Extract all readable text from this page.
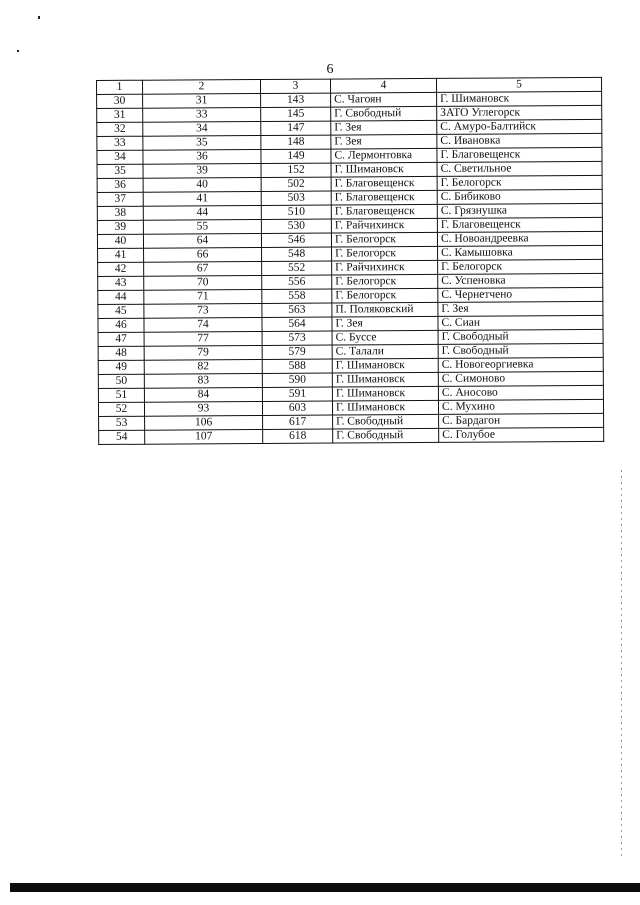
6
1	2	3	4	5
30	31	143	С. Чагоян	Г. Шимановск
31	33	145	Г. Свободный	ЗАТО Углегорск
32	34	147	Г. Зея	С. Амуро-Балтийск
33	35	148	Г. Зея	С. Ивановка
34	36	149	С. Лермонтовка	Г. Благовещенск
35	39	152	Г. Шимановск	С. Светильное
36	40	502	Г. Благовещенск	Г. Белогорск
37	41	503	Г. Благовещенск	С. Бибиково
38	44	510	Г. Благовещенск	С. Грязнушка
39	55	530	Г. Райчихинск	Г. Благовещенск
40	64	546	Г. Белогорск	С. Новоандреевка
41	66	548	Г. Белогорск	С. Камышовка
42	67	552	Г. Райчихинск	Г. Белогорск
43	70	556	Г. Белогорск	С. Успеновка
44	71	558	Г. Белогорск	С. Чернетчено
45	73	563	П. Поляковский	Г. Зея
46	74	564	Г. Зея	С. Сиан
47	77	573	С. Буссе	Г. Свободный
48	79	579	С. Талали	Г. Свободный
49	82	588	Г. Шимановск	С. Новогеоргиевка
50	83	590	Г. Шимановск	С. Симоново
51	84	591	Г. Шимановск	С. Аносово
52	93	603	Г. Шимановск	С. Мухино
53	106	617	Г. Свободный	С. Бардагон
54	107	618	Г. Свободный	С. Голубое
